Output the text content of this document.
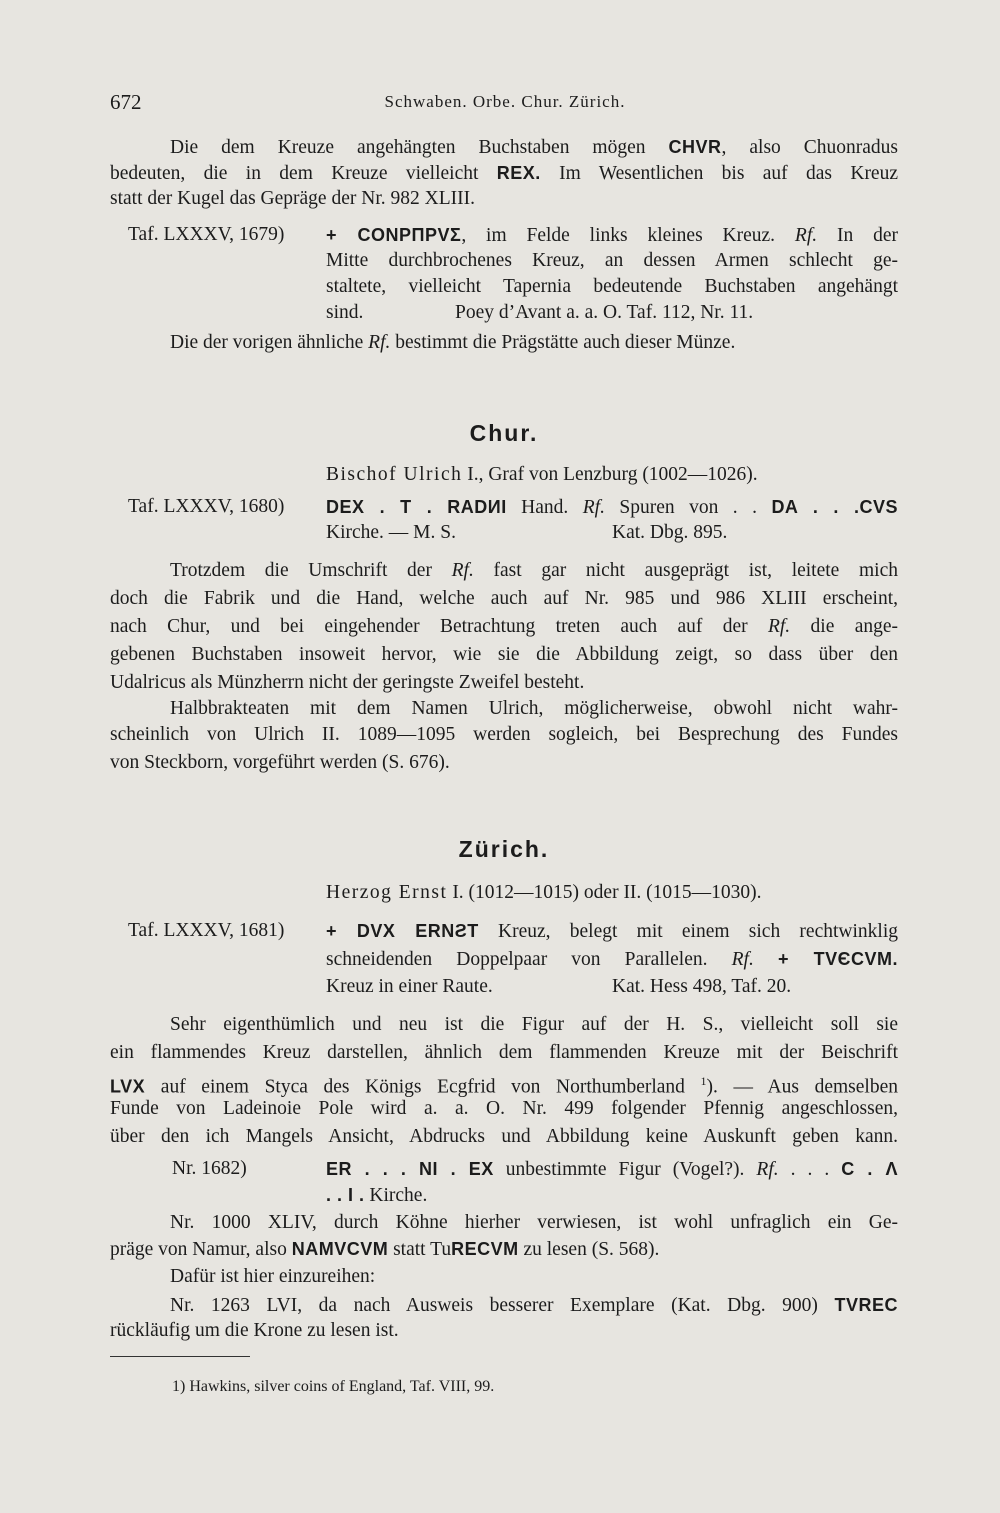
672	Schwaben. Orbe. Chur. Zürich.
Die dem Kreuze angehängten Buchstaben mögen CHVR, also Chuonradus
bedeuten, die in dem Kreuze vielleicht REX. Im Wesentlichen bis auf das Kreuz
statt der Kugel das Gepräge der Nr. 982 XLIII.
Taf. LXXXV, 1679) + CONPΠPVΣ, im Felde links kleines Kreuz. Rf. In der
Mitte durchbrochenes Kreuz, an dessen Armen schlecht ge-
staltete, vielleicht Tapernia bedeutende Buchstaben angehängt
sind.	Poey d’Avant a. a. O. Taf. 112, Nr. 11.
Die der vorigen ähnliche Rf. bestimmt die Prägstätte auch dieser Münze.
Chur.
Bischof Ulrich I., Graf von Lenzburg (1002—1026).
Taf. LXXXV, 1680) DEX . T . RADИI Hand. Rf. Spuren von . . DA . . .CVS
Kirche. — M. S.	Kat. Dbg. 895.
Trotzdem die Umschrift der Rf. fast gar nicht ausgeprägt ist, leitete mich
doch die Fabrik und die Hand, welche auch auf Nr. 985 und 986 XLIII erscheint,
nach Chur, und bei eingehender Betrachtung treten auch auf der Rf. die ange-
gebenen Buchstaben insoweit hervor, wie sie die Abbildung zeigt, so dass über den
Udalricus als Münzherrn nicht der geringste Zweifel besteht.
Halbbrakteaten mit dem Namen Ulrich, möglicherweise, obwohl nicht wahr-
scheinlich von Ulrich II. 1089—1095 werden sogleich, bei Besprechung des Fundes
von Steckborn, vorgeführt werden (S. 676).
Zürich.
Herzog Ernst I. (1012—1015) oder II. (1015—1030).
Taf. LXXXV, 1681) + DVX ERNƧT Kreuz, belegt mit einem sich rechtwinklig
schneidenden Doppelpaar von Parallelen. Rf. + TVЄCVM.
Kreuz in einer Raute.	Kat. Hess 498, Taf. 20.
Sehr eigenthümlich und neu ist die Figur auf der H. S., vielleicht soll sie
ein flammendes Kreuz darstellen, ähnlich dem flammenden Kreuze mit der Beischrift
LVX auf einem Styca des Königs Ecgfrid von Northumberland $^1$). — Aus demselben
Funde von Ladeinoie Pole wird a. a. O. Nr. 499 folgender Pfennig angeschlossen,
über den ich Mangels Ansicht, Abdrucks und Abbildung keine Auskunft geben kann.
Nr. 1682)	ER . . . NI . EX unbestimmte Figur (Vogel?). Rf. . . . C . Λ
. . I . Kirche.
Nr. 1000 XLIV, durch Köhne hierher verwiesen, ist wohl unfraglich ein Ge-
präge von Namur, also NAMVCVM statt TuRECVM zu lesen (S. 568).
Dafür ist hier einzureihen:
Nr. 1263 LVI, da nach Ausweis besserer Exemplare (Kat. Dbg. 900) TVREC
rückläufig um die Krone zu lesen ist.
1) Hawkins, silver coins of England, Taf. VIII, 99.
